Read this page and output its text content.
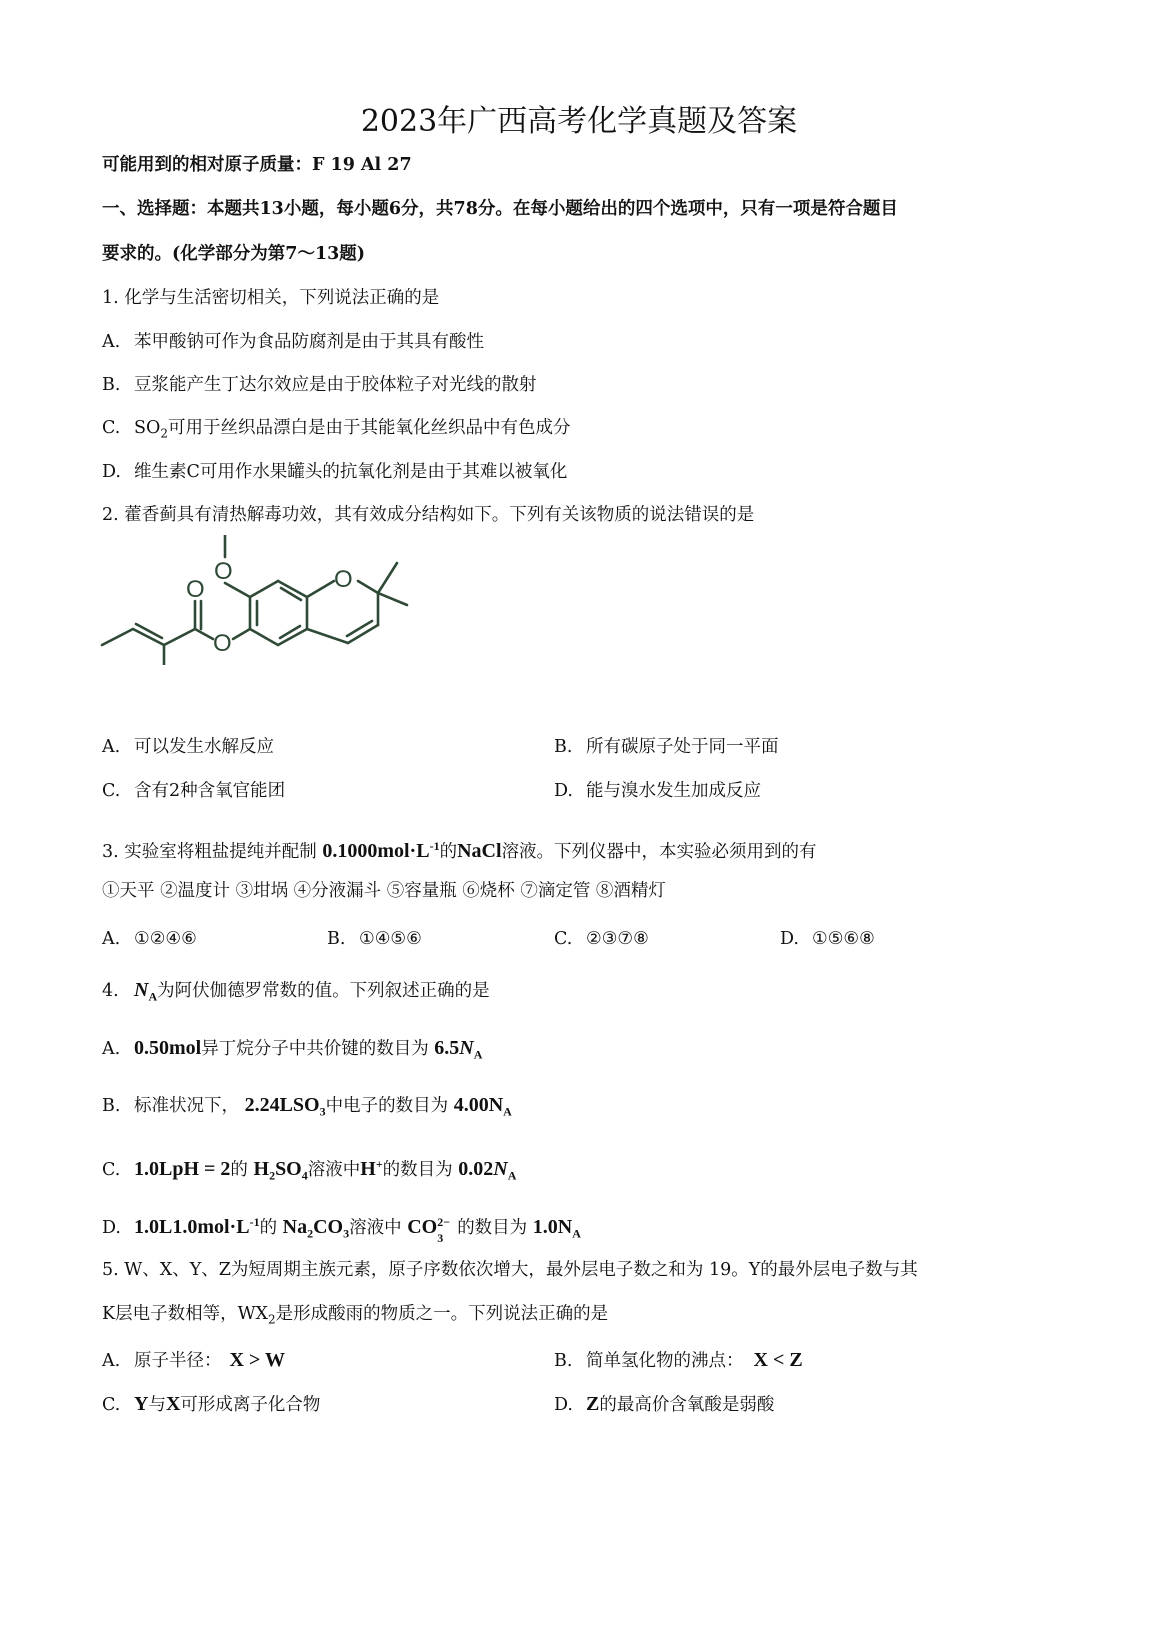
2023年广西高考化学真题及答案
可能用到的相对原子质量：F 19 Al 27
一、选择题：本题共13小题，每小题6分，共78分。在每小题给出的四个选项中，只有一项是符合题目
要求的。(化学部分为第7～13题)
1. 化学与生活密切相关，下列说法正确的是
A. 苯甲酸钠可作为食品防腐剂是由于其具有酸性
B. 豆浆能产生丁达尔效应是由于胶体粒子对光线的散射
C. $SO_2$可用于丝织品漂白是由于其能氧化丝织品中有色成分
D. 维生素C可用作水果罐头的抗氧化剂是由于其难以被氧化
2. 藿香蓟具有清热解毒功效，其有效成分结构如下。下列有关该物质的说法错误的是
O	O
O
O
A. 可以发生水解反应	B. 所有碳原子处于同一平面
C. 含有2种含氧官能团	D. 能与溴水发生加成反应
3. 实验室将粗盐提纯并配制 $0.1000mol\cdot L^{-1}$的NaCl溶液。下列仪器中，本实验必须用到的有
①天平 ②温度计 ③坩埚 ④分液漏斗 ⑤容量瓶 ⑥烧杯 ⑦滴定管 ⑧酒精灯
A. ①②④⑥	B. ①④⑤⑥	C. ②③⑦⑧	D. ①⑤⑥⑧
4. $N_A$为阿伏伽德罗常数的值。下列叙述正确的是
A. 0.50mol异丁烷分子中共价键的数目为 $6.5N_A$
B. 标准状况下， $2.24LSO_3$中电子的数目为 $4.00N_A$
C. 1.0LpH = 2的 $H_2SO_4$溶液中H+的数目为 $0.02N_A$
D. $1.0L1.0mol\cdot L^{-1}$的 $Na_2CO_3$溶液中 CO 2−
3
的数目为 $1.0N_A$
5. W、X、Y、Z为短周期主族元素，原子序数依次增大，最外层电子数之和为 19。Y的最外层电子数与其
K层电子数相等，$WX_2$是形成酸雨的物质之一。下列说法正确的是
A. 原子半径： X > W	B. 简单氢化物的沸点： X < Z
C. Y与X可形成离子化合物	D. Z的最高价含氧酸是弱酸
